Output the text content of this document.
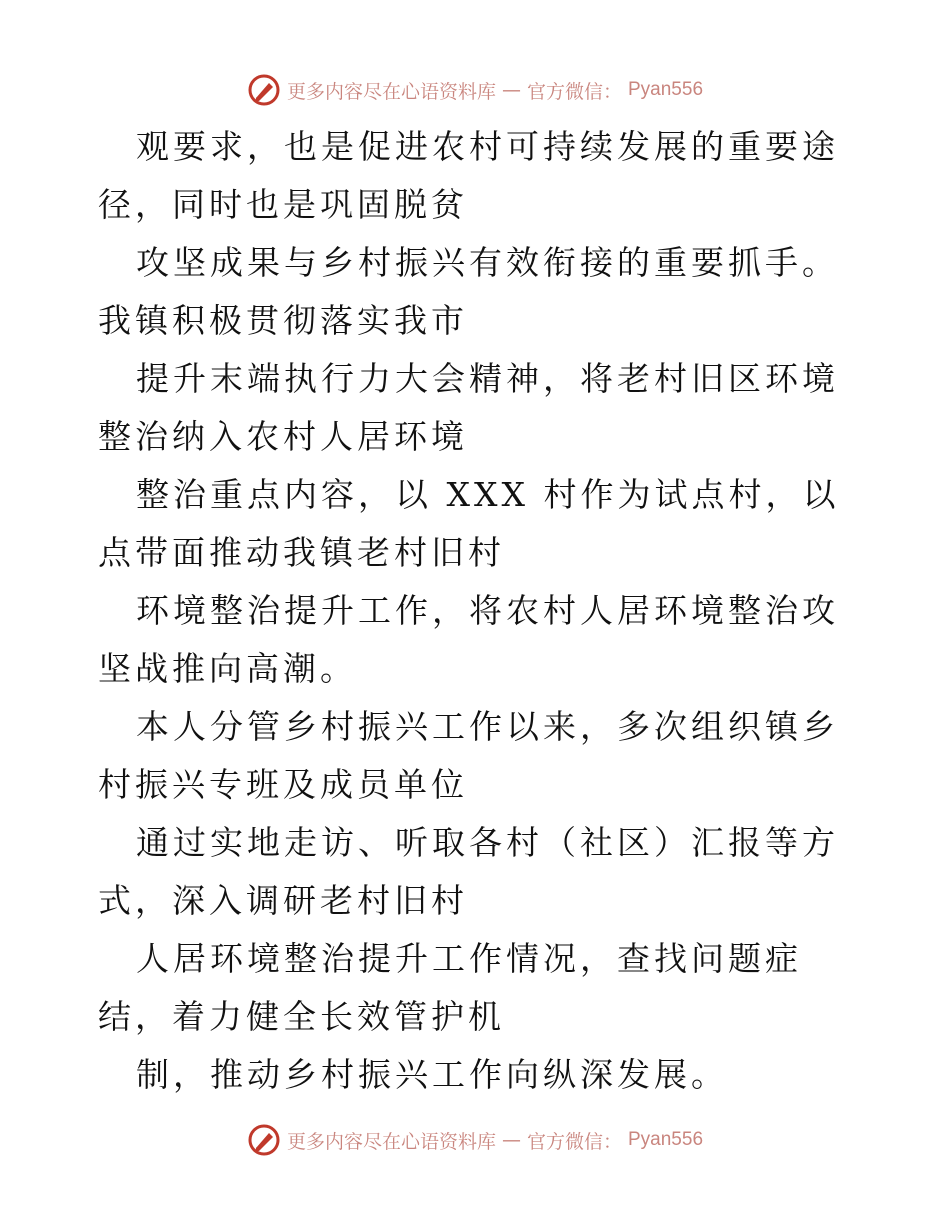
更多内容尽在心语资料库 — 官方微信： Pyan556

观要求，也是促进农村可持续发展的重要途径，同时也是巩固脱贫

攻坚成果与乡村振兴有效衔接的重要抓手。我镇积极贯彻落实我市

提升末端执行力大会精神，将老村旧区环境整治纳入农村人居环境

整治重点内容，以 XXX 村作为试点村，以点带面推动我镇老村旧村

环境整治提升工作，将农村人居环境整治攻坚战推向高潮。

本人分管乡村振兴工作以来，多次组织镇乡村振兴专班及成员单位

通过实地走访、听取各村（社区）汇报等方式，深入调研老村旧村

人居环境整治提升工作情况，查找问题症结，着力健全长效管护机

制，推动乡村振兴工作向纵深发展。

更多内容尽在心语资料库 — 官方微信： Pyan556
